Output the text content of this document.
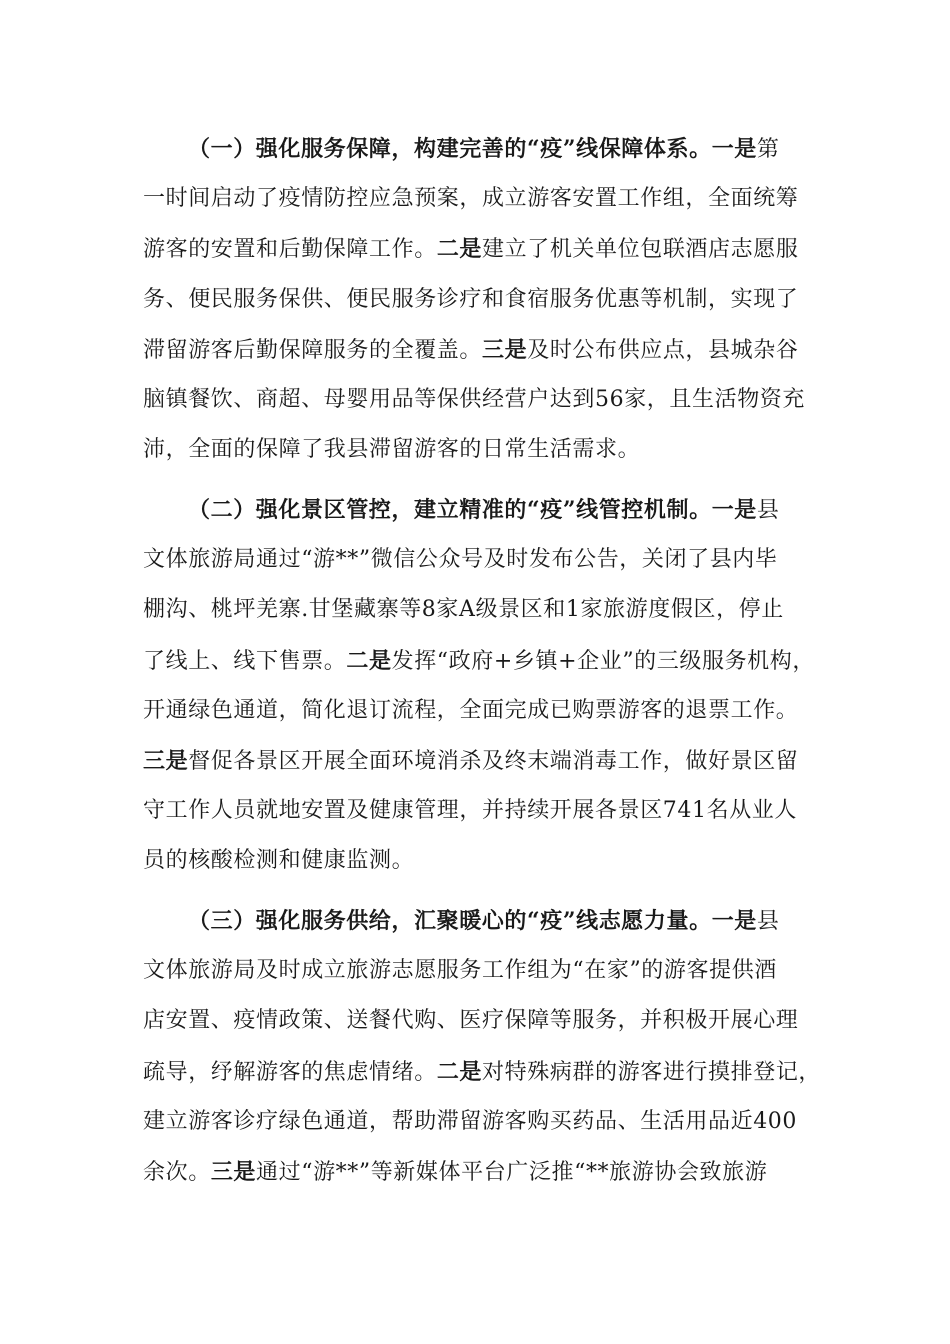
（一）强化服务保障，构建完善的“疫”线保障体系。一是第
一时间启动了疫情防控应急预案，成立游客安置工作组，全面统筹
游客的安置和后勤保障工作。二是建立了机关单位包联酒店志愿服
务、便民服务保供、便民服务诊疗和食宿服务优惠等机制，实现了
滞留游客后勤保障服务的全覆盖。三是及时公布供应点，县城杂谷
脑镇餐饮、商超、母婴用品等保供经营户达到56家，且生活物资充
沛，全面的保障了我县滞留游客的日常生活需求。
（二）强化景区管控，建立精准的“疫”线管控机制。一是县
文体旅游局通过“游**”微信公众号及时发布公告，关闭了县内毕
棚沟、桃坪羌寨.甘堡藏寨等8家A级景区和1家旅游度假区，停止
了线上、线下售票。二是发挥“政府+乡镇+企业”的三级服务机构，
开通绿色通道，简化退订流程，全面完成已购票游客的退票工作。
三是督促各景区开展全面环境消杀及终末端消毒工作，做好景区留
守工作人员就地安置及健康管理，并持续开展各景区741名从业人
员的核酸检测和健康监测。
（三）强化服务供给，汇聚暖心的“疫”线志愿力量。一是县
文体旅游局及时成立旅游志愿服务工作组为“在家”的游客提供酒
店安置、疫情政策、送餐代购、医疗保障等服务，并积极开展心理
疏导，纾解游客的焦虑情绪。二是对特殊病群的游客进行摸排登记，
建立游客诊疗绿色通道，帮助滞留游客购买药品、生活用品近400
余次。三是通过“游**”等新媒体平台广泛推“**旅游协会致旅游
